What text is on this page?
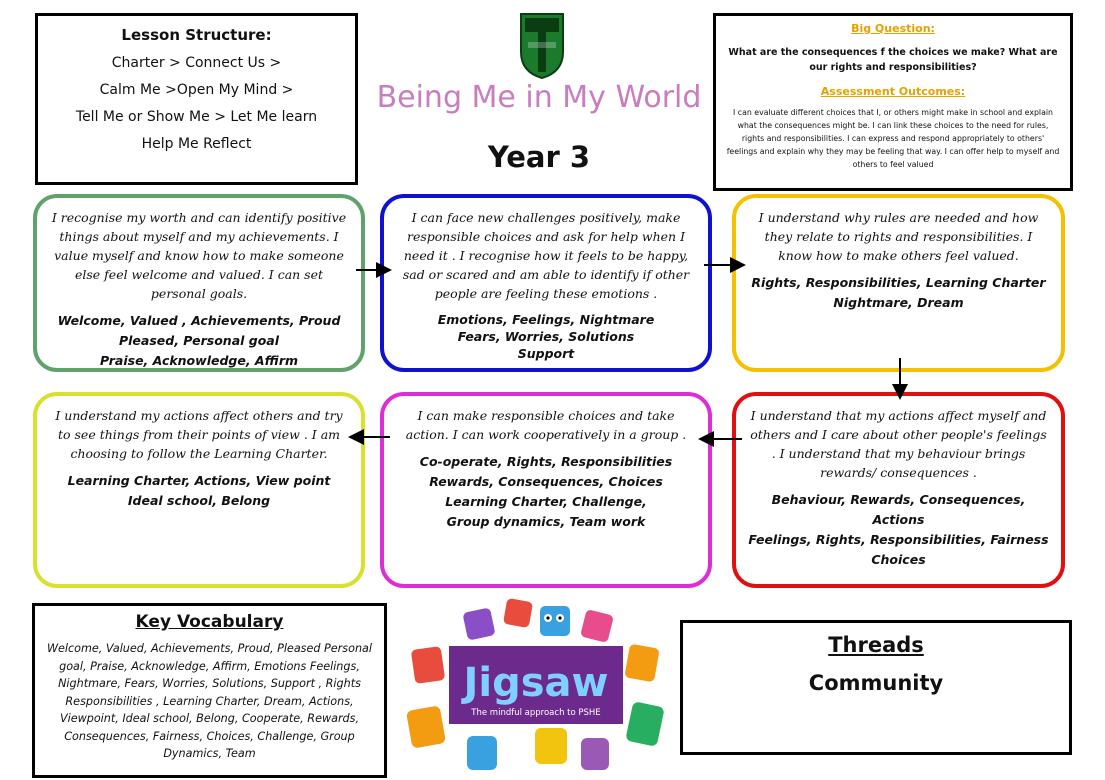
Lesson Structure:
Charter > Connect Us >
Calm Me >Open My Mind >
Tell Me or Show Me > Let Me learn
Help Me Reflect
Being Me in My World
Year 3
Big Question:
What are the consequences f the choices we make? What are our rights and responsibilities?
Assessment Outcomes:
I can evaluate different choices that I, or others might make in school and explain what the consequences might be. I can link these choices to the need for rules, rights and responsibilities. I can express and respond appropriately to others' feelings and explain why they may be feeling that way. I can offer help to myself and others to feel valued
I recognise my worth and can identify positive things about myself and my achievements. I value myself and know how to make someone else feel welcome and valued. I can set personal goals.
Welcome, Valued , Achievements, Proud
Pleased, Personal goal
Praise, Acknowledge, Affirm
I can face new challenges positively, make responsible choices and ask for help when I need it . I recognise how it feels to be happy, sad or scared and am able to identify if other people are feeling these emotions .
Emotions, Feelings, Nightmare
Fears, Worries, Solutions
Support
I understand why rules are needed and how they relate to rights and responsibilities. I know how to make others feel valued.
Rights, Responsibilities, Learning Charter
Nightmare, Dream
I understand my actions affect others and try to see things from their points of view . I am choosing to follow the Learning Charter.
Learning Charter, Actions, View point
Ideal school, Belong
I can make responsible choices and take action. I can work cooperatively in a group .
Co-operate, Rights, Responsibilities
Rewards, Consequences, Choices
Learning Charter, Challenge,
Group dynamics, Team work
I understand that my actions affect myself and others and I care about other people's feelings . I understand that my behaviour brings rewards/ consequences .
Behaviour, Rewards, Consequences, Actions
Feelings, Rights, Responsibilities, Fairness
Choices
Key Vocabulary
Welcome, Valued, Achievements, Proud, Pleased Personal goal, Praise, Acknowledge, Affirm, Emotions Feelings, Nightmare, Fears, Worries, Solutions, Support , Rights Responsibilities , Learning Charter, Dream, Actions, Viewpoint, Ideal school, Belong, Cooperate, Rewards, Consequences, Fairness, Choices, Challenge, Group Dynamics, Team
Jigsaw
The mindful approach to PSHE
Threads
Community
